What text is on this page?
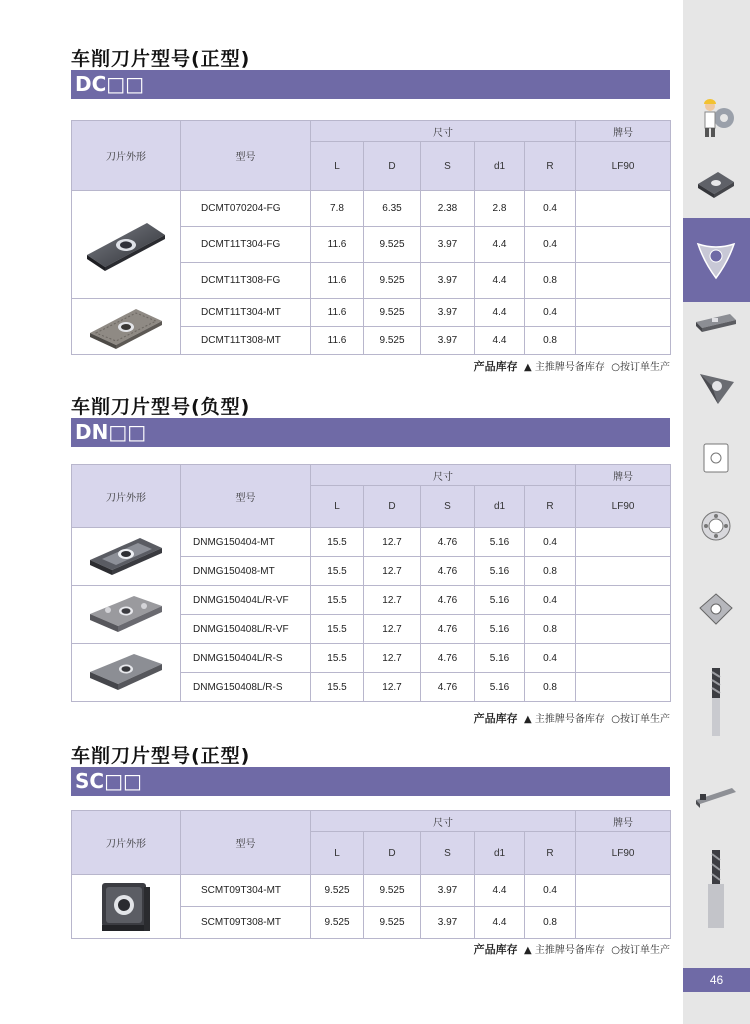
车削刀片型号(正型)
DC□□
刀片外形	型号	尺寸					牌号
		L	D	S	d1	R	LF90

	DCMT070204-FG	7.8	6.35	2.38	2.8	0.4	
	DCMT11T304-FG	11.6	9.525	3.97	4.4	0.4	
	DCMT11T308-FG	11.6	9.525	3.97	4.4	0.8	

	DCMT11T304-MT	11.6	9.525	3.97	4.4	0.4	
	DCMT11T308-MT	11.6	9.525	3.97	4.4	0.8	
产品库存 ▲ 主推牌号备库存 ○按订单生产
车削刀片型号(负型)
DN□□
刀片外形	型号	尺寸					牌号
		L	D	S	d1	R	LF90

	DNMG150404-MT	15.5	12.7	4.76	5.16	0.4	
	DNMG150408-MT	15.5	12.7	4.76	5.16	0.8	

	DNMG150404L/R-VF	15.5	12.7	4.76	5.16	0.4	
	DNMG150408L/R-VF	15.5	12.7	4.76	5.16	0.8	

	DNMG150404L/R-S	15.5	12.7	4.76	5.16	0.4	
	DNMG150408L/R-S	15.5	12.7	4.76	5.16	0.8	
产品库存 ▲ 主推牌号备库存 ○按订单生产
车削刀片型号(正型)
SC□□
刀片外形	型号	尺寸					牌号
		L	D	S	d1	R	LF90

	SCMT09T304-MT	9.525	9.525	3.97	4.4	0.4	
	SCMT09T308-MT	9.525	9.525	3.97	4.4	0.8	
产品库存 ▲ 主推牌号备库存 ○按订单生产
46
